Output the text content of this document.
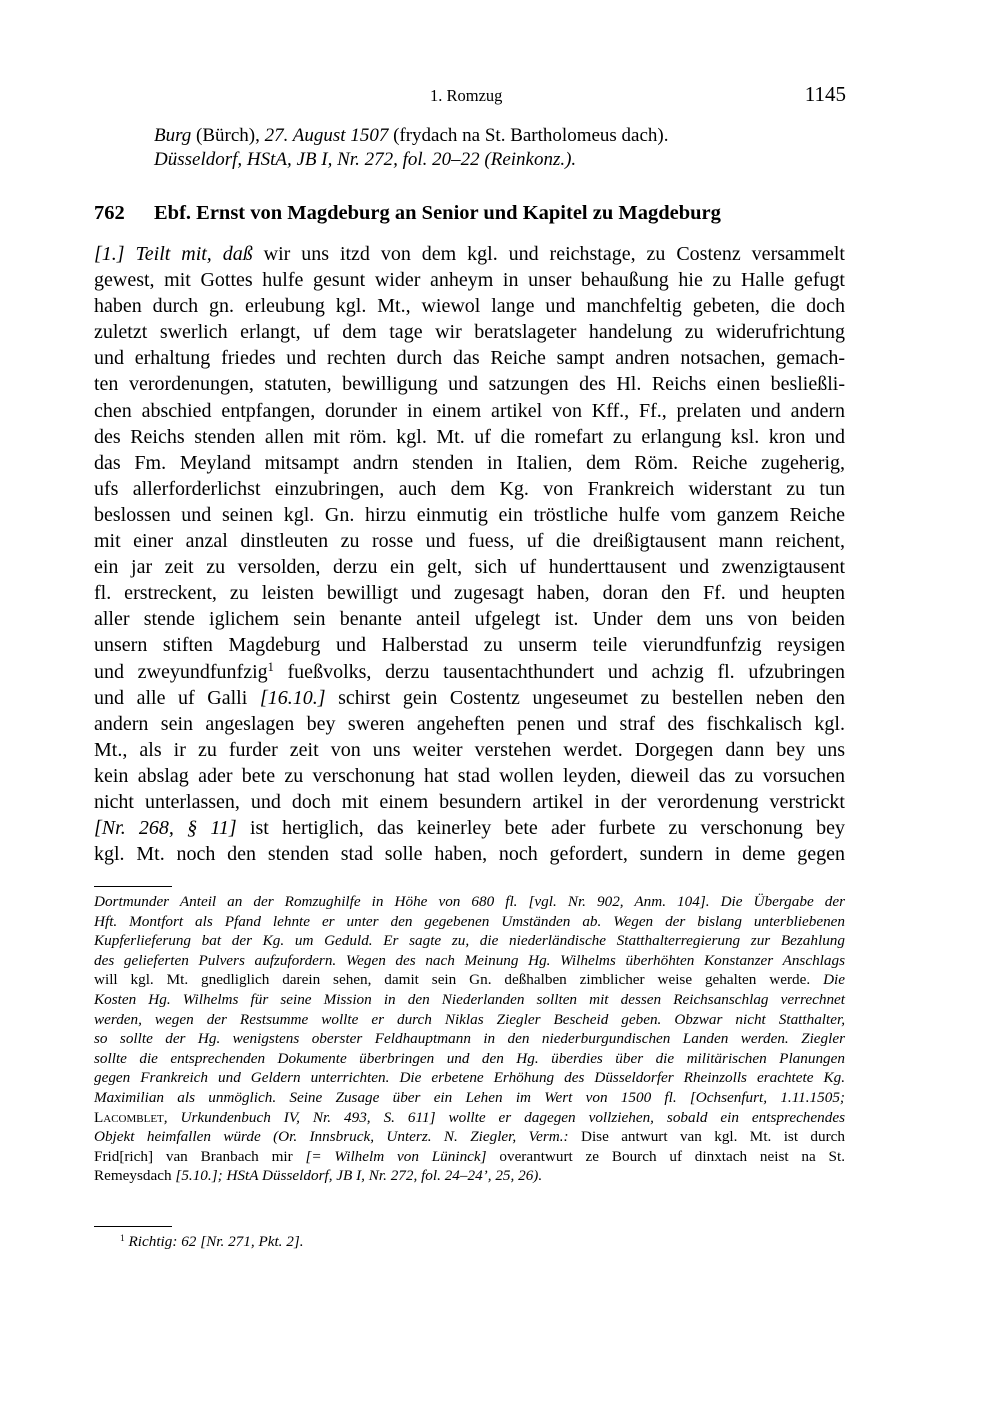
1. Romzug	1145
Burg (Bürch), 27. August 1507 (frydach na St. Bartholomeus dach).
Düsseldorf, HStA, JB I, Nr. 272, fol. 20–22 (Reinkonz.).
762 Ebf. Ernst von Magdeburg an Senior und Kapitel zu Magdeburg
[1.] Teilt mit, daß wir uns itzd von dem kgl. und reichstage, zu Costenz versammelt
gewest, mit Gottes hulfe gesunt wider anheym in unser behaußung hie zu Halle gefugt
haben durch gn. erleubung kgl. Mt., wiewol lange und manchfeltig gebeten, die doch
zuletzt swerlich erlangt, uf dem tage wir beratslageter handelung zu widerufrichtung
und erhaltung friedes und rechten durch das Reiche sampt andren notsachen, gemach-
ten verordenungen, statuten, bewilligung und satzungen des Hl. Reichs einen besließli-
chen abschied entpfangen, dorunder in einem artikel von Kff., Ff., prelaten und andern
des Reichs stenden allen mit röm. kgl. Mt. uf die romefart zu erlangung ksl. kron und
das Fm. Meyland mitsampt andrn stenden in Italien, dem Röm. Reiche zugeherig,
ufs allerforderlichst einzubringen, auch dem Kg. von Frankreich widerstant zu tun
beslossen und seinen kgl. Gn. hirzu einmutig ein tröstliche hulfe vom ganzem Reiche
mit einer anzal dinstleuten zu rosse und fuess, uf die dreißigtausent mann reichent,
ein jar zeit zu versolden, derzu ein gelt, sich uf hunderttausent und zwenzigtausent
fl. erstreckent, zu leisten bewilligt und zugesagt haben, doran den Ff. und heupten
aller stende iglichem sein benante anteil ufgelegt ist. Under dem uns von beiden
unsern stiften Magdeburg und Halberstad zu unserm teile vierundfunfzig reysigen
und zweyundfunfzig$^1$ fueßvolks, derzu tausentachthundert und achzig fl. ufzubringen
und alle uf Galli [16.10.] schirst gein Costentz ungeseumet zu bestellen neben den
andern sein angeslagen bey sweren angeheften penen und straf des fischkalisch kgl.
Mt., als ir zu furder zeit von uns weiter verstehen werdet. Dorgegen dann bey uns
kein abslag ader bete zu verschonung hat stad wollen leyden, dieweil das zu vorsuchen
nicht unterlassen, und doch mit einem besundern artikel in der verordenung verstrickt
[Nr. 268, § 11] ist hertiglich, das keinerley bete ader furbete zu verschonung bey
kgl. Mt. noch den stenden stad solle haben, noch gefordert, sundern in deme gegen
Dortmunder Anteil an der Romzughilfe in Höhe von 680 fl. [vgl. Nr. 902, Anm. 104]. Die Übergabe der
Hft. Montfort als Pfand lehnte er unter den gegebenen Umständen ab. Wegen der bislang unterbliebenen
Kupferlieferung bat der Kg. um Geduld. Er sagte zu, die niederländische Statthalterregierung zur Bezahlung
des gelieferten Pulvers aufzufordern. Wegen des nach Meinung Hg. Wilhelms überhöhten Konstanzer Anschlags
will kgl. Mt. gnedliglich darein sehen, damit sein Gn. deßhalben zimblicher weise gehalten werde. Die
Kosten Hg. Wilhelms für seine Mission in den Niederlanden sollten mit dessen Reichsanschlag verrechnet
werden, wegen der Restsumme wollte er durch Niklas Ziegler Bescheid geben. Obzwar nicht Statthalter,
so sollte der Hg. wenigstens oberster Feldhauptmann in den niederburgundischen Landen werden. Ziegler
sollte die entsprechenden Dokumente überbringen und den Hg. überdies über die militärischen Planungen
gegen Frankreich und Geldern unterrichten. Die erbetene Erhöhung des Düsseldorfer Rheinzolls erachtete Kg.
Maximilian als unmöglich. Seine Zusage über ein Lehen im Wert von 1500 fl. [Ochsenfurt, 1.11.1505;
Lacomblet, Urkundenbuch IV, Nr. 493, S. 611] wollte er dagegen vollziehen, sobald ein entsprechendes
Objekt heimfallen würde (Or. Innsbruck, Unterz. N. Ziegler, Verm.: Dise antwurt van kgl. Mt. ist durch
Frid[rich] van Branbach mir [= Wilhelm von Lüninck] overantwurt ze Bourch uf dinxtach neist na St.
Remeysdach [5.10.]; HStA Düsseldorf, JB I, Nr. 272, fol. 24–24’, 25, 26).
$^1$ Richtig: 62 [Nr. 271, Pkt. 2].
